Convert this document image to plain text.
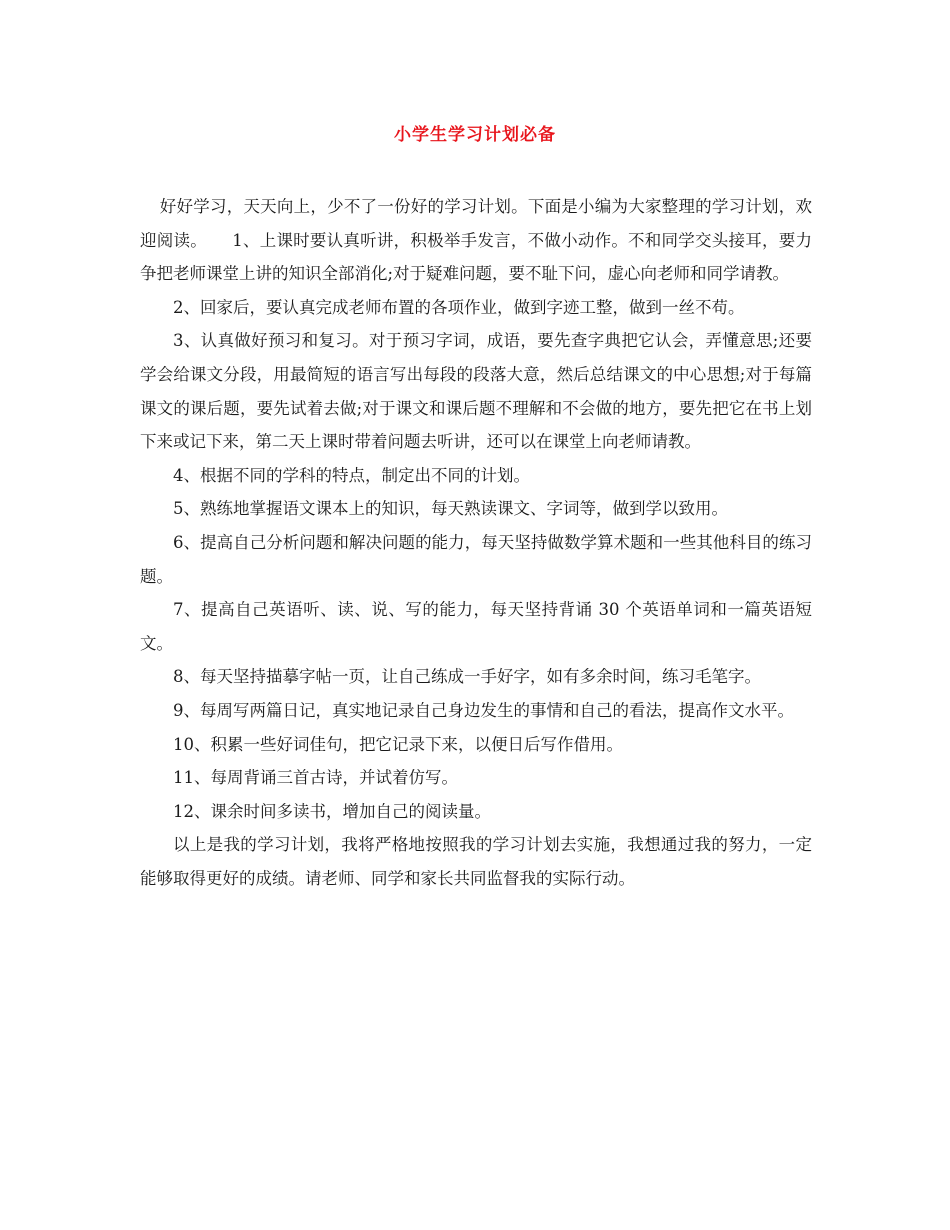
小学生学习计划必备

好好学习，天天向上，少不了一份好的学习计划。下面是小编为大家整理的学习计划，欢迎阅读。　　1、上课时要认真听讲，积极举手发言，不做小动作。不和同学交头接耳，要力争把老师课堂上讲的知识全部消化;对于疑难问题，要不耻下问，虚心向老师和同学请教。

2、回家后，要认真完成老师布置的各项作业，做到字迹工整，做到一丝不苟。

3、认真做好预习和复习。对于预习字词，成语，要先查字典把它认会，弄懂意思;还要学会给课文分段，用最简短的语言写出每段的段落大意，然后总结课文的中心思想;对于每篇课文的课后题，要先试着去做;对于课文和课后题不理解和不会做的地方，要先把它在书上划下来或记下来，第二天上课时带着问题去听讲，还可以在课堂上向老师请教。

4、根据不同的学科的特点，制定出不同的计划。

5、熟练地掌握语文课本上的知识，每天熟读课文、字词等，做到学以致用。

6、提高自己分析问题和解决问题的能力，每天坚持做数学算术题和一些其他科目的练习题。

7、提高自己英语听、读、说、写的能力，每天坚持背诵 30 个英语单词和一篇英语短文。

8、每天坚持描摹字帖一页，让自己练成一手好字，如有多余时间，练习毛笔字。

9、每周写两篇日记，真实地记录自己身边发生的事情和自己的看法，提高作文水平。

10、积累一些好词佳句，把它记录下来，以便日后写作借用。

11、每周背诵三首古诗，并试着仿写。

12、课余时间多读书，增加自己的阅读量。

以上是我的学习计划，我将严格地按照我的学习计划去实施，我想通过我的努力，一定能够取得更好的成绩。请老师、同学和家长共同监督我的实际行动。
